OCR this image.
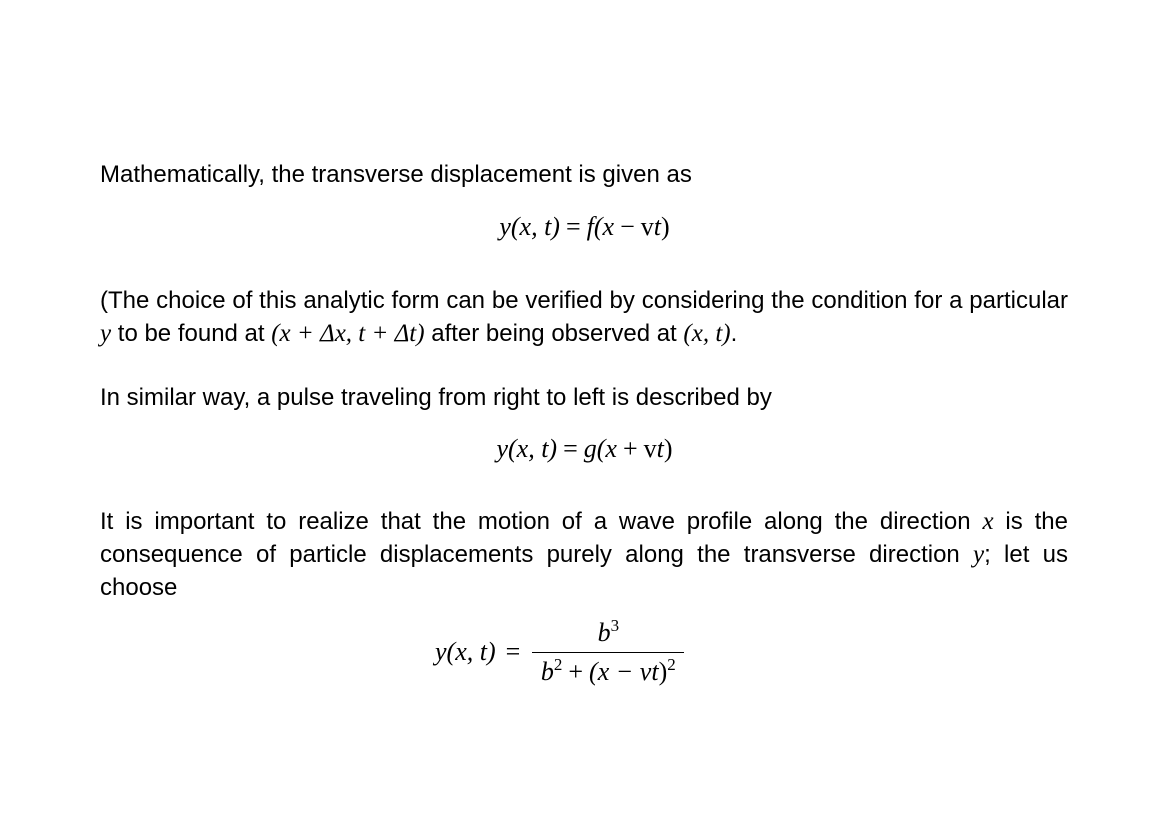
Mathematically, the transverse displacement is given as

y(x, t) = f(x − vt)

(The choice of this analytic form can be verified by considering the condition for a particular y to be found at (x + Δx, t + Δt) after being observed at (x, t).

In similar way, a pulse traveling from right to left is described by

y(x, t) = g(x + vt)

It is important to realize that the motion of a wave profile along the direction x is the consequence of particle displacements purely along the transverse direction y; let us choose

y (x, $t) = \frac{b^3}{b^2 + (x - vt)^2}$
